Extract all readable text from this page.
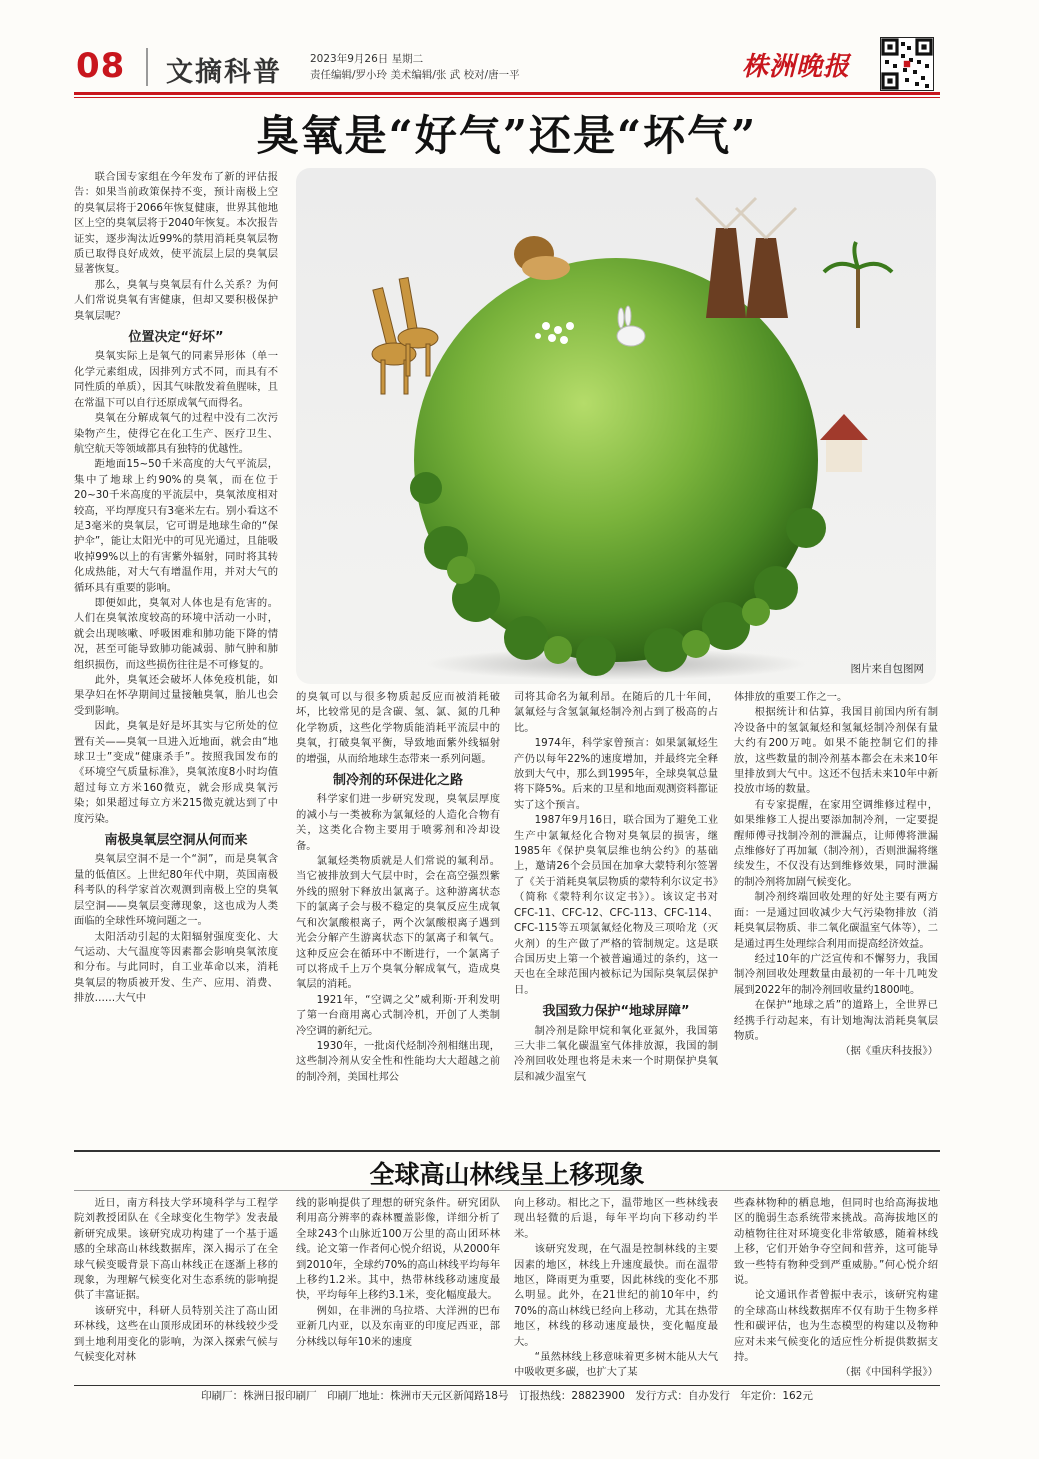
08 文摘科普	2023年9月26日 星期二
责任编辑/罗小玲 美术编辑/张 武 校对/唐一平	株洲晚报
臭氧是“好气”还是“坏气”

联合国专家组在今年发布了新的评估报告：如果当前政策保持不变，预计南极上空的臭氧层将于2066年恢复健康，世界其他地区上空的臭氧层将于2040年恢复。本次报告证实，逐步淘汰近99%的禁用消耗臭氧层物质已取得良好成效，使平流层上层的臭氧层显著恢复。

那么，臭氧与臭氧层有什么关系？为何人们常说臭氧有害健康，但却又要积极保护臭氧层呢？

位置决定“好坏”

臭氧实际上是氧气的同素异形体（单一化学元素组成，因排列方式不同，而具有不同性质的单质），因其气味散发着鱼腥味，且在常温下可以自行还原成氧气而得名。

臭氧在分解成氧气的过程中没有二次污染物产生，使得它在化工生产、医疗卫生、航空航天等领域都具有独特的优越性。

距地面15~50千米高度的大气平流层，集中了地球上约90%的臭氧，而在位于20~30千米高度的平流层中，臭氧浓度相对较高，平均厚度只有3毫米左右。别小看这不足3毫米的臭氧层，它可谓是地球生命的“保护伞”，能让太阳光中的可见光通过，且能吸收掉99%以上的有害紫外辐射，同时将其转化成热能，对大气有增温作用，并对大气的循环具有重要的影响。

即便如此，臭氧对人体也是有危害的。人们在臭氧浓度较高的环境中活动一小时，就会出现咳嗽、呼吸困难和肺功能下降的情况，甚至可能导致肺功能减弱、肺气肿和肺组织损伤，而这些损伤往往是不可修复的。

此外，臭氧还会破坏人体免疫机能，如果孕妇在怀孕期间过量接触臭氧，胎儿也会受到影响。

因此，臭氧是好是坏其实与它所处的位置有关——臭氧一旦进入近地面，就会由“地球卫士”变成“健康杀手”。按照我国发布的《环境空气质量标准》，臭氧浓度8小时均值超过每立方米160微克，就会形成臭氧污染；如果超过每立方米215微克就达到了中度污染。

南极臭氧层空洞从何而来

臭氧层空洞不是一个“洞”，而是臭氧含量的低值区。上世纪80年代中期，英国南极科考队的科学家首次观测到南极上空的臭氧层空洞——臭氧层变薄现象，这也成为人类面临的全球性环境问题之一。

太阳活动引起的太阳辐射强度变化、大气运动、大气温度等因素都会影响臭氧浓度和分布。与此同时，自工业革命以来，消耗臭氧层的物质被开发、生产、应用、消费、排放……大气中

图片来自包图网

的臭氧可以与很多物质起反应而被消耗破坏，比较常见的是含碳、氢、氯、氮的几种化学物质，这些化学物质能消耗平流层中的臭氧，打破臭氧平衡，导致地面紫外线辐射的增强，从而给地球生态带来一系列问题。

制冷剂的环保进化之路

科学家们进一步研究发现，臭氧层厚度的减小与一类被称为氯氟烃的人造化合物有关，这类化合物主要用于喷雾剂和冷却设备。

氯氟烃类物质就是人们常说的氟利昂。当它被排放到大气层中时，会在高空强烈紫外线的照射下释放出氯离子。这种游离状态下的氯离子会与极不稳定的臭氧反应生成氧气和次氯酸根离子，两个次氯酸根离子遇到光会分解产生游离状态下的氯离子和氧气。这种反应会在循环中不断进行，一个氯离子可以将成千上万个臭氧分解成氧气，造成臭氧层的消耗。

1921年，“空调之父”威利斯·开利发明了第一台商用离心式制冷机，开创了人类制冷空调的新纪元。

1930年，一批卤代烃制冷剂相继出现，这些制冷剂从安全性和性能均大大超越之前的制冷剂，美国杜邦公

司将其命名为氟利昂。在随后的几十年间，氯氟烃与含氢氯氟烃制冷剂占到了极高的占比。

1974年，科学家曾预言：如果氯氟烃生产仍以每年22%的速度增加，并最终完全释放到大气中，那么到1995年，全球臭氧总量将下降5%。后来的卫星和地面观测资料都证实了这个预言。

1987年9月16日，联合国为了避免工业生产中氯氟烃化合物对臭氧层的损害，继1985年《保护臭氧层维也纳公约》的基础上，邀请26个会员国在加拿大蒙特利尔签署了《关于消耗臭氧层物质的蒙特利尔议定书》（简称《蒙特利尔议定书》）。该议定书对CFC-11、CFC-12、CFC-113、CFC-114、CFC-115等五项氯氟烃化物及三项哈龙（灭火剂）的生产做了严格的管制规定。这是联合国历史上第一个被普遍通过的条约，这一天也在全球范围内被标记为国际臭氧层保护日。

我国致力保护“地球屏障”

制冷剂是除甲烷和氧化亚氮外，我国第三大非二氧化碳温室气体排放源，我国的制冷剂回收处理也将是未来一个时期保护臭氧层和减少温室气

体排放的重要工作之一。

根据统计和估算，我国目前国内所有制冷设备中的氢氯氟烃和氢氟烃制冷剂保有量大约有200万吨。如果不能控制它们的排放，这些数量的制冷剂基本都会在未来10年里排放到大气中。这还不包括未来10年中新投放市场的数量。

有专家提醒，在家用空调维修过程中，如果维修工人提出要添加制冷剂，一定要提醒师傅寻找制冷剂的泄漏点，让师傅将泄漏点维修好了再加氟（制冷剂），否则泄漏将继续发生，不仅没有达到维修效果，同时泄漏的制冷剂将加剧气候变化。

制冷剂终端回收处理的好处主要有两方面：一是通过回收减少大气污染物排放（消耗臭氧层物质、非二氧化碳温室气体等），二是通过再生处理综合利用而提高经济效益。

经过10年的广泛宣传和不懈努力，我国制冷剂回收处理数量由最初的一年十几吨发展到2022年的制冷剂回收量约1800吨。

在保护“地球之盾”的道路上，全世界已经携手行动起来，有计划地淘汰消耗臭氧层物质。

（据《重庆科技报》）
全球高山林线呈上移现象

近日，南方科技大学环境科学与工程学院刘教授团队在《全球变化生物学》发表最新研究成果。该研究成功构建了一个基于遥感的全球高山林线数据库，深入揭示了在全球气候变暖背景下高山林线正在逐渐上移的现象，为理解气候变化对生态系统的影响提供了丰富证据。

该研究中，科研人员特别关注了高山团环林线，这些在山顶形成团环的林线较少受到土地利用变化的影响，为深入探索气候与气候变化对林

线的影响提供了理想的研究条件。研究团队利用高分辨率的森林覆盖影像，详细分析了全球243个山脉近100万公里的高山团环林线。论文第一作者何心悦介绍说，从2000年到2010年，全球约70%的高山林线平均每年上移约1.2米。其中，热带林线移动速度最快，平均每年上移约3.1米，变化幅度最大。

例如，在非洲的乌拉塔、大洋洲的巴布亚新几内亚，以及东南亚的印度尼西亚，部分林线以每年10米的速度

向上移动。相比之下，温带地区一些林线表现出轻微的后退，每年平均向下移动约半米。

该研究发现，在气温是控制林线的主要因素的地区，林线上升速度最快。而在温带地区，降雨更为重要，因此林线的变化不那么明显。此外，在21世纪的前10年中，约70%的高山林线已经向上移动，尤其在热带地区，林线的移动速度最快，变化幅度最大。

“虽然林线上移意味着更多树木能从大气中吸收更多碳，也扩大了某

些森林物种的栖息地，但同时也给高海拔地区的脆弱生态系统带来挑战。高海拔地区的动植物往往对环境变化非常敏感，随着林线上移，它们开始争夺空间和营养，这可能导致一些特有物种受到严重威胁。”何心悦介绍说。

论文通讯作者曾振中表示，该研究构建的全球高山林线数据库不仅有助于生物多样性和碳评估，也为生态模型的构建以及物种应对未来气候变化的适应性分析提供数据支持。

（据《中国科学报》）
印刷厂：株洲日报印刷厂　印刷厂地址：株洲市天元区新闻路18号　订报热线：28823900　发行方式：自办发行　年定价：162元
